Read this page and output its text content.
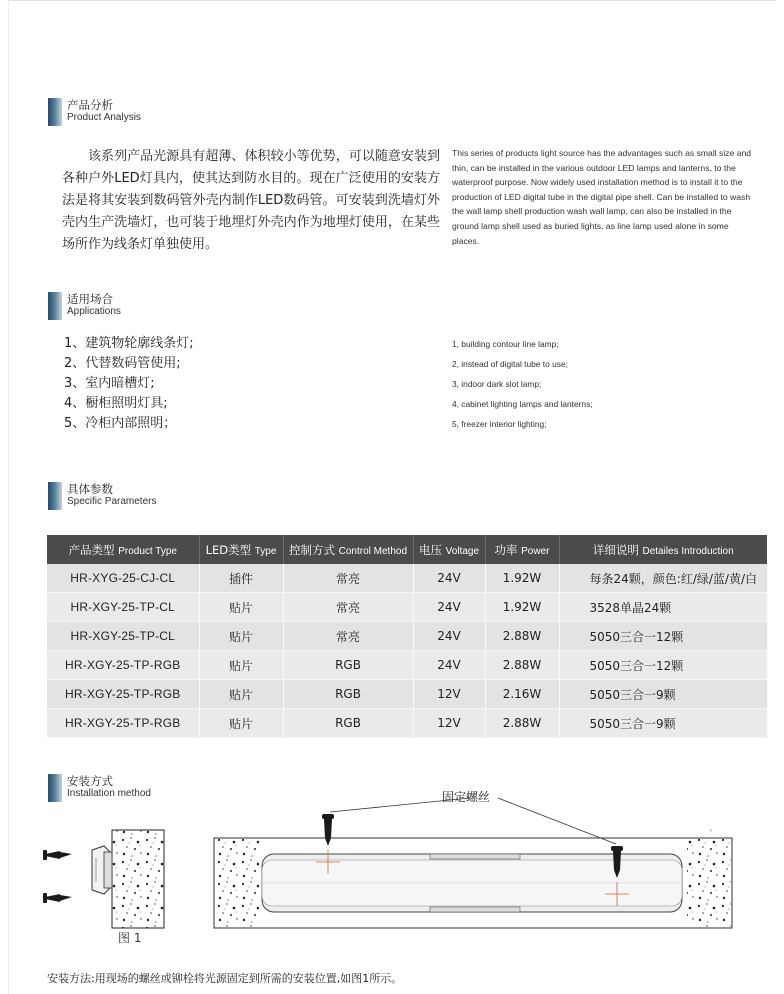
产品分析
Product Analysis
该系列产品光源具有超薄、体积较小等优势，可以随意安装到各种户外LED灯具内，使其达到防水目的。现在广泛使用的安装方法是将其安装到数码管外壳内制作LED数码管。可安装到洗墙灯外壳内生产洗墙灯，也可装于地埋灯外壳内作为地埋灯使用，在某些场所作为线条灯单独使用。
This series of products light source has the advantages such as small size and thin, can be installed in the various outdoor LED lamps and lanterns, to the waterproof purpose. Now widely used installation method is to install it to the production of LED digital tube in the digital pipe shell. Can be installed to wash the wall lamp shell production wash wall lamp, can also be installed in the ground lamp shell used as buried lights, as line lamp used alone in some places.
适用场合
Applications
1、建筑物轮廓线条灯;
2、代替数码管使用;
3、室内暗槽灯;
4、橱柜照明灯具;
5、冷柜内部照明；
1, building contour line lamp;
2, instead of digital tube to use;
3, indoor dark slot lamp;
4, cabinet lighting lamps and lanterns;
5, freezer interior lighting;
具体参数
Specific Parameters
产品类型 Product Type	LED类型 Type	控制方式 Control Method	电压 Voltage	功率 Power	详细说明 Detailes Introduction
HR-XYG-25-CJ-CL	插件	常亮	24V	1.92W	每条24颗，颜色:红/绿/蓝/黄/白
HR-XGY-25-TP-CL	贴片	常亮	24V	1.92W	3528单晶24颗
HR-XGY-25-TP-CL	贴片	常亮	24V	2.88W	5050三合一12颗
HR-XGY-25-TP-RGB	贴片	RGB	24V	2.88W	5050三合一12颗
HR-XGY-25-TP-RGB	贴片	RGB	12V	2.16W	5050三合一9颗
HR-XGY-25-TP-RGB	贴片	RGB	12V	2.88W	5050三合一9颗
安装方式
Installation method
'
固定螺丝
图 1
安装方法:用现场的螺丝或铆栓将光源固定到所需的安装位置,如图1所示。
